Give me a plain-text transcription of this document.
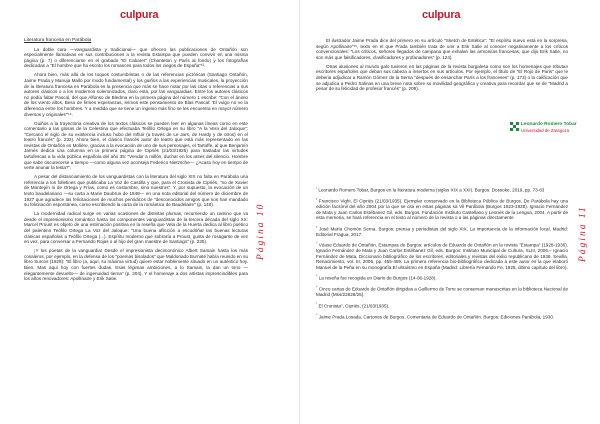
culpura
Página 10
Literatura francesa en Parábola

La doble cara —vanguardista y tradicional— que ofrecen las publicaciones de Ontañón son especialmente llamativas en sus contribuciones a la revista Estampa que pueden convivir en una misma página (p. 7) o diferenciarse en el grabado "El Cabaret" (Chanteton y París al fondo) y los fotografías dedicadas a "El hombre que ha escrito los romances para todos los ciegos de España"¹³.

Ahora bien, más allá de los toques costumbristas o de las referencias pictóricas (Santiago Ontañón, Jaime Prada y Manuja Mallo por modo fundamental) y los guiños a las experiencias musicales, la proyección de la literatura francesa en Parábola es la presencia que más se hace notar por las citas o referencias a sus autores clásicos o a los modernos solemnizados, claro está, por las vanguardias. Entre los autores clásicos no podía faltar Pascal, del que Alfonso de Bledma en la primera página del número 1 escribe: "Con el ánimo de los viento altos, Beso de firmes esperanzas, leímos este pensamiento de Blas Pascal: 'El vulgo no ve la diferencia entre los hombres. Y a medida que se tiene un ingenio más fino se les encuentra en mayor número diversos y originales'"¹⁴.

Guiños a la trayectoria creativa de los textos clásicos se pueden leer en algunas líneas como en este comentario a las glosas de la Celestina que efectuaba Teófilo Ortega en su libro "A la Vera del Jaloque": "Cercano el siglo de su existencia incluso hubo del Influir (a través de Le Jars, de Hardy y de otros) en el teatro francés" (p. 232). Ahora bien, el clásico francés autor de teatro que está más representado en las revistas de Ontañón es Molière, gracias a la evocación de uno de sus personajes, el Tartuffe, al que Benjamín Jarnés dedica una columna en la primera página de Cipriés (21/03/1925) para trasladar las virtudes tartufescas a la vida pública española del año 35: "Vendar a millón, duchar en los antes del silencio. Hombre que sabe oscurecerse a tiempo —como alguna vez aconseja Federico Nietzsche— ¿Acaso hoy en tiempo de verte anunar la testa?".

A pesar del distanciamiento de los vanguardistas con la literatura del siglo XIX no falta en Parábola una referencia a los folletines que publicaba La Voz de Castilla y que, para el Cronista de Cipriés, "no de Xavier de Montepín ni de Ortega y Frías, como es costumbre, sino nuestros". Y, por supuesto, la evocación de un texto baudelariano —su carta a Marie Daubrun de 1848— en una nota editorial del número de diciembre de 1927 que agradece las felicitaciones de muchos periódicos de "desconocidos amigos que nos han mandado su felicitación espontánea, como escribiendo la carta de la romántica de Baudelaire" (p. 148).

La modernidad radical surge en varias ocasiones de distintas plumas, recurriendo un camino que va desde el impresionismo romántico hasta los componentes vanguardistas de la tercera década del siglo XX: Marcel Proust es objeto de una estimación positiva en la reseña que Vela de la Huerta dedica al libro poético del palentino Teófilo Ortega La Voz del Jaloque: "Una buena aflicción a escudriñar las buenas lecturas clásicas españolas a Teófilo Ortega (...). Espíritu moderno que sobraría a Proust, gusta de rosagarse de vez en vez, para conversar a Fernando Rojas o al hijo del gran maestre de Santiago" (p. 235).

¡Y los poetas de la vanguardia! Desde el impresionista decimonónico Albert Samain hasta los más cosaleros, por ejemplo, en la defensa de los "poemas bisolados" que Maldonado Burnaté había reunido en su libro Surcos (1928): "El libro (a, aquí, su máxima virtud) quiere estar noblemente situado en un auténtico hoy. Bien. Mas aquí hoy con fuertes dudas. Esas légimas ambiciones, a lo Samain, la dan un tono —elegantemente devuelto— de ingenuidad tierna" (p. 204), Y el homenaje a dos artistas imprescindibles para los años renovadores: Apollinaire y Erik Satie.

culpura
Página 11

El ilustrador Jaime Prada dice del primero en su artículo "Sketch de Estética": "El espíritu nuevo está en la sorpresa, según Apollinaire"¹⁵, texto en el que Prada también trata de unir a Erik Satie al conocer negativamente a los críticos convencionales: "Los críticos, señores llegados de campana que exhalan las armoniías francesas, que dijo Erik Satie, no son más que falsificadores, clasificadores y profanadores" (p. 124).

Otras alusiones al mundo galo tuvieron en las páginas de la revista burgalesa como son los homenajes que tributan escritores españoles que deban sus cabeza a insertos en sus artículos. Por ejemplo, el título de "El Rojo de Paris" que le deberia adjudicar a Ramón Gómez de la Serna "después de ensanchar París a los franceses" (p. 173) o la calificación que se adjudica a Pedro Salinas en una breve nota sobre su movilidad geográfica y creativa para recordar que se de "Madrid a pesar de su felicidad de profesor francés" (p. 209).

Leonardo Romero Tobar
Universidad de Zaragoza

$^{^1}$ Leonardo Romero Tobar, Burgos en la literatura moderna (siglos XIX a XXI). Burgos. Dossoke, 2019, pp. 73-83

$^{^2}$ Francisco Vighi, El Cipriés (21/03/1935). Ejemplar conservado en la Biblioteca Pública de Burgos. De Parábola hay una edición facsímil del año 2004 por la que se cita en estas páginas sa Vil Parábola (Burgos 1923-1928). Ignacio Fernández de Mata y Juan Carlos Estébanez Gil, eds. Burgos. Fundación Instituto Castellano y Leonés de la Lengua, 2004. A partir de esta memoria, se hará referencia en el texto al número de la revista o a las páginas directamente

$^{^3}$ José María Chomón Serna. Burgos: prensa y periodistas del siglo XIX. La importancia de la información local. Madrid: Editorial Fragua, 2017.

$^{^4}$ Véase Eduardo de Ontañón, Estampas de Burgos: artículos de Eduardo de Ontañón en la revista "Estampa" (1928-1936). Ignacio Fernández de Mata y Juan Carlos Estébanez Gil, eds. Burgos: Instituto Municipal de Cultura, XLIII, 2006.– Ignacio Fernández de Mata, Diccionario bibliográfico de los escritores, editoriales y revistas del exilio republicano de 1936. Sevilla, Renacimiento, vol. III, 2006, pp. 455-459. La primera referencia bio-bibliográfica dedicada a este autor es la que elaboró Manuel de la Peña en su monografía El ultraísmo en España (Madrid: Librería Fernando Fe, 1925, último capítulo del libro).

$^{^5}$ La reseña fue recogida en Diario de Burgos (14-06-1928).

$^{^6}$ Cinco cartas de Eduardo de Ontañón dirigidas a Guillermo de Torre se conservan manuscritas en la biblioteca Nacional de Madrid (Mss/22828/25).

$^{^7}$ El Cronista", Cipriés, (21/03/1935).

$^{^8}$ Jaime Prada Losada, Cartones de Burgos. Comentaria de Eduardo de Ontañón. Burgos: Ediciones Parábola, 1930.
